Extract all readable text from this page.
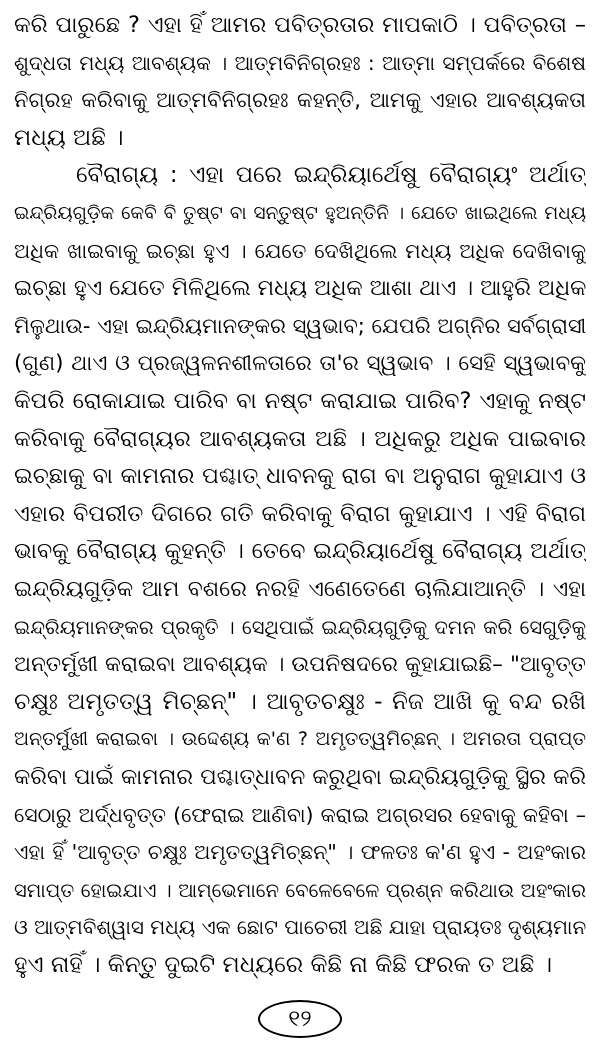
କରି ପାରୁଛେ ? ଏହା ହିଁ ଆମର ପବିତ୍ରତାର ମାପକାଠି । ପବିତ୍ରତା –
ଶୁଦ୍ଧତା ମଧ୍ୟ ଆବଶ୍ୟକ । ଆତ୍ମବିନିଗ୍ରହଃ : ଆତ୍ମା ସମ୍ପର୍କରେ ବିଶେଷ
ନିଗ୍ରହ କରିବାକୁ ଆତ୍ମବିନିଗ୍ରହଃ କହନ୍ତି, ଆମକୁ ଏହାର ଆବଶ୍ୟକତା
ମଧ୍ୟ ଅଛି ।
ବୈରାଗ୍ୟ : ଏହା ପରେ ଇନ୍ଦ୍ରିୟାର୍ଥେଷୁ ବୈରାଗ୍ୟଂ ଅର୍ଥାତ୍
ଇନ୍ଦ୍ରିୟଗୁଡ଼ିକ କେବି ବି ତୁଷ୍ଟ ବା ସନ୍ତୁଷ୍ଟ ହୁଅନ୍ତିନି । ଯେତେ ଖାଇଥିଲେ ମଧ୍ୟ
ଅଧିକ ଖାଇବାକୁ ଇଚ୍ଛା ହୁଏ । ଯେତେ ଦେଖିଥିଲେ ମଧ୍ୟ ଅଧିକ ଦେଖିବାକୁ
ଇଚ୍ଛା ହୁଏ ଯେତେ ମିଳିଥିଲେ ମଧ୍ୟ ଅଧିକ ଆଶା ଥାଏ । ଆହୁରି ଅଧିକ
ମିଳୁଥାଉ- ଏହା ଇନ୍ଦ୍ରିୟମାନଙ୍କର ସ୍ୱଭାବ; ଯେପରି ଅଗ୍ନିର ସର୍ବଗ୍ରାସୀ
(ଗୁଣ) ଥାଏ ଓ ପ୍ରଜ୍ୱଳନଶୀଳତାରେ ତା'ର ସ୍ୱଭାବ । ସେହି ସ୍ୱଭାବକୁ
କିପରି ରୋକାଯାଇ ପାରିବ ବା ନଷ୍ଟ କରାଯାଇ ପାରିବ? ଏହାକୁ ନଷ୍ଟ
କରିବାକୁ ବୈରାଗ୍ୟର ଆବଶ୍ୟକତା ଅଛି । ଅଧିକରୁ ଅଧିକ ପାଇବାର
ଇଚ୍ଛାକୁ ବା କାମନାର ପଶ୍ଚାତ୍ ଧାବନକୁ ରାଗ ବା ଅନୁରାଗ କୁହାଯାଏ ଓ
ଏହାର ବିପରୀତ ଦିଗରେ ଗତି କରିବାକୁ ବିରାଗ କୁହାଯାଏ । ଏହି ବିରାଗ
ଭାବକୁ ବୈରାଗ୍ୟ କୁହନ୍ତି । ତେବେ ଇନ୍ଦ୍ରିୟାର୍ଥେଷୁ ବୈରାଗ୍ୟ ଅର୍ଥାତ୍
ଇନ୍ଦ୍ରିୟଗୁଡ଼ିକ ଆମ ବଶରେ ନରହି ଏଣେତେଣେ ଚାଲିଯାଆନ୍ତି । ଏହା
ଇନ୍ଦ୍ରିୟମାନଙ୍କର ପ୍ରକୃତି । ସେଥିପାଇଁ ଇନ୍ଦ୍ରିୟଗୁଡ଼ିକୁ ଦମନ କରି ସେଗୁଡ଼ିକୁ
ଅନ୍ତର୍ମୁଖୀ କରାଇବା ଆବଶ୍ୟକ । ଉପନିଷଦରେ କୁହାଯାଇଛି– "ଆବୃତ୍ତ
ଚକ୍ଷୁଃ ଅମୃତତ୍ୱ ମିଚ୍ଛନ୍" । ଆବୃତଚକ୍ଷୁଃ - ନିଜ ଆଖି କୁ ବନ୍ଦ ରଖି
ଅନ୍ତର୍ମୁଖୀ କରାଇବା । ଉଦ୍ଦେଶ୍ୟ କ'ଣ ? ଅମୃତତ୍ୱମିଚ୍ଛନ୍ । ଅମରତା ପ୍ରାପ୍ତ
କରିବା ପାଇଁ କାମନାର ପଶ୍ଚାତ୍‌ଧାବନ କରୁଥିବା ଇନ୍ଦ୍ରିୟଗୁଡ଼ିକୁ ସ୍ଥିର କରି
ସେଠାରୁ ଅର୍ଦ୍ଧବୃତ୍ତ (ଫେରାଇ ଆଣିବା) କରାଇ ଅଗ୍ରସର ହେବାକୁ କହିବା –
ଏହା ହିଁ 'ଆବୃତ୍ତ ଚକ୍ଷୁଃ ଅମୃତତ୍ୱମିଚ୍ଛନ୍" । ଫଳତଃ କ'ଣ ହୁଏ - ଅହଂକାର
ସମାପ୍ତ ହୋଇଯାଏ । ଆମ୍ଭେମାନେ ବେଳେବେଳେ ପ୍ରଶ୍ନ କରିଥାଉ ଅହଂକାର
ଓ ଆତ୍ମବିଶ୍ୱାସ ମଧ୍ୟ ଏକ ଛୋଟ ପାଚେରୀ ଅଛି ଯାହା ପ୍ରାୟତଃ ଦୃଶ୍ୟମାନ
ହୁଏ ନାହିଁ । କିନ୍ତୁ ଦୁଇଟି ମଧ୍ୟରେ କିଛି ନା କିଛି ଫରକ ତ ଅଛି ।
୧୨
